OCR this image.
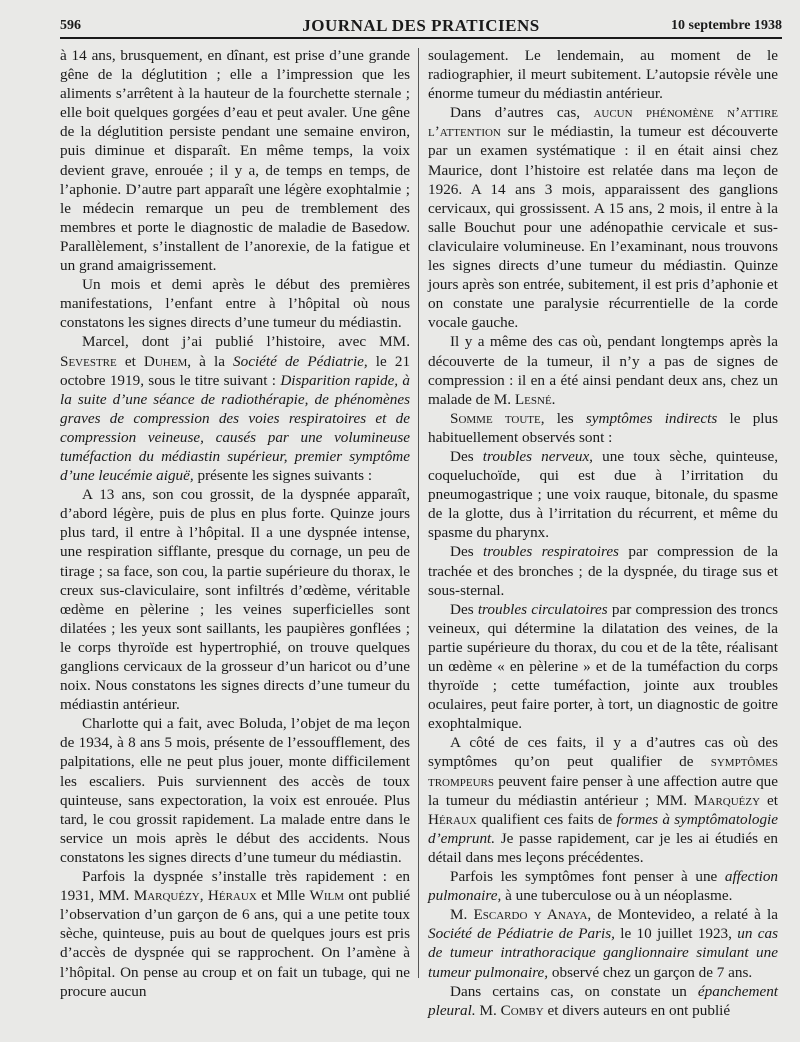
596	JOURNAL DES PRATICIENS	10 septembre 1938

à 14 ans, brusquement, en dînant, est prise d’une grande gêne de la déglutition ; elle a l’impression que les aliments s’arrêtent à la hauteur de la fourchette sternale ; elle boit quelques gorgées d’eau et peut avaler. Une gêne de la déglutition persiste pendant une semaine environ, puis diminue et disparaît. En même temps, la voix devient grave, enrouée ; il y a, de temps en temps, de l’aphonie. D’autre part apparaît une légère exophtalmie ; le médecin remarque un peu de tremblement des membres et porte le diagnostic de maladie de Basedow. Parallèlement, s’installent de l’anorexie, de la fatigue et un grand amaigrissement.

Un mois et demi après le début des premières manifestations, l’enfant entre à l’hôpital où nous constatons les signes directs d’une tumeur du médiastin.

Marcel, dont j’ai publié l’histoire, avec MM. Sevestre et Duhem, à la Société de Pédiatrie, le 21 octobre 1919, sous le titre suivant : Disparition rapide, à la suite d’une séance de radiothérapie, de phénomènes graves de compression des voies respiratoires et de compression veineuse, causés par une volumineuse tuméfaction du médiastin supérieur, premier symptôme d’une leucémie aiguë, présente les signes suivants :

A 13 ans, son cou grossit, de la dyspnée apparaît, d’abord légère, puis de plus en plus forte. Quinze jours plus tard, il entre à l’hôpital. Il a une dyspnée intense, une respiration sifflante, presque du cornage, un peu de tirage ; sa face, son cou, la partie supérieure du thorax, le creux sus-claviculaire, sont infiltrés d’œdème, véritable œdème en pèlerine ; les veines superficielles sont dilatées ; les yeux sont saillants, les paupières gonflées ; le corps thyroïde est hypertrophié, on trouve quelques ganglions cervicaux de la grosseur d’un haricot ou d’une noix. Nous constatons les signes directs d’une tumeur du médiastin antérieur.

Charlotte qui a fait, avec Boluda, l’objet de ma leçon de 1934, à 8 ans 5 mois, présente de l’essoufflement, des palpitations, elle ne peut plus jouer, monte difficilement les escaliers. Puis surviennent des accès de toux quinteuse, sans expectoration, la voix est enrouée. Plus tard, le cou grossit rapidement. La malade entre dans le service un mois après le début des accidents. Nous constatons les signes directs d’une tumeur du médiastin.

Parfois la dyspnée s’installe très rapidement : en 1931, MM. Marquézy, Héraux et Mlle Wilm ont publié l’observation d’un garçon de 6 ans, qui a une petite toux sèche, quinteuse, puis au bout de quelques jours est pris d’accès de dyspnée qui se rapprochent. On l’amène à l’hôpital. On pense au croup et on fait un tubage, qui ne procure aucun

soulagement. Le lendemain, au moment de le radiographier, il meurt subitement. L’autopsie révèle une énorme tumeur du médiastin antérieur.

Dans d’autres cas, aucun phénomène n’attire l’attention sur le médiastin, la tumeur est découverte par un examen systématique : il en était ainsi chez Maurice, dont l’histoire est relatée dans ma leçon de 1926. A 14 ans 3 mois, apparaissent des ganglions cervicaux, qui grossissent. A 15 ans, 2 mois, il entre à la salle Bouchut pour une adénopathie cervicale et sus-claviculaire volumineuse. En l’examinant, nous trouvons les signes directs d’une tumeur du médiastin. Quinze jours après son entrée, subitement, il est pris d’aphonie et on constate une paralysie récurrentielle de la corde vocale gauche.

Il y a même des cas où, pendant longtemps après la découverte de la tumeur, il n’y a pas de signes de compression : il en a été ainsi pendant deux ans, chez un malade de M. Lesné.

Somme toute, les symptômes indirects le plus habituellement observés sont :

Des troubles nerveux, une toux sèche, quinteuse, coqueluchoïde, qui est due à l’irritation du pneumogastrique ; une voix rauque, bitonale, du spasme de la glotte, dus à l’irritation du récurrent, et même du spasme du pharynx.

Des troubles respiratoires par compression de la trachée et des bronches ; de la dyspnée, du tirage sus et sous-sternal.

Des troubles circulatoires par compression des troncs veineux, qui détermine la dilatation des veines, de la partie supérieure du thorax, du cou et de la tête, réalisant un œdème « en pèlerine » et de la tuméfaction du corps thyroïde ; cette tuméfaction, jointe aux troubles oculaires, peut faire porter, à tort, un diagnostic de goitre exophtalmique.

A côté de ces faits, il y a d’autres cas où des symptômes qu’on peut qualifier de symptômes trompeurs peuvent faire penser à une affection autre que la tumeur du médiastin antérieur ; MM. Marquézy et Héraux qualifient ces faits de formes à symptômatologie d’emprunt. Je passe rapidement, car je les ai étudiés en détail dans mes leçons précédentes.

Parfois les symptômes font penser à une affection pulmonaire, à une tuberculose ou à un néoplasme.

M. Escardo y Anaya, de Montevideo, a relaté à la Société de Pédiatrie de Paris, le 10 juillet 1923, un cas de tumeur intrathoracique ganglionnaire simulant une tumeur pulmonaire, observé chez un garçon de 7 ans.

Dans certains cas, on constate un épanchement pleural. M. Comby et divers auteurs en ont publié
